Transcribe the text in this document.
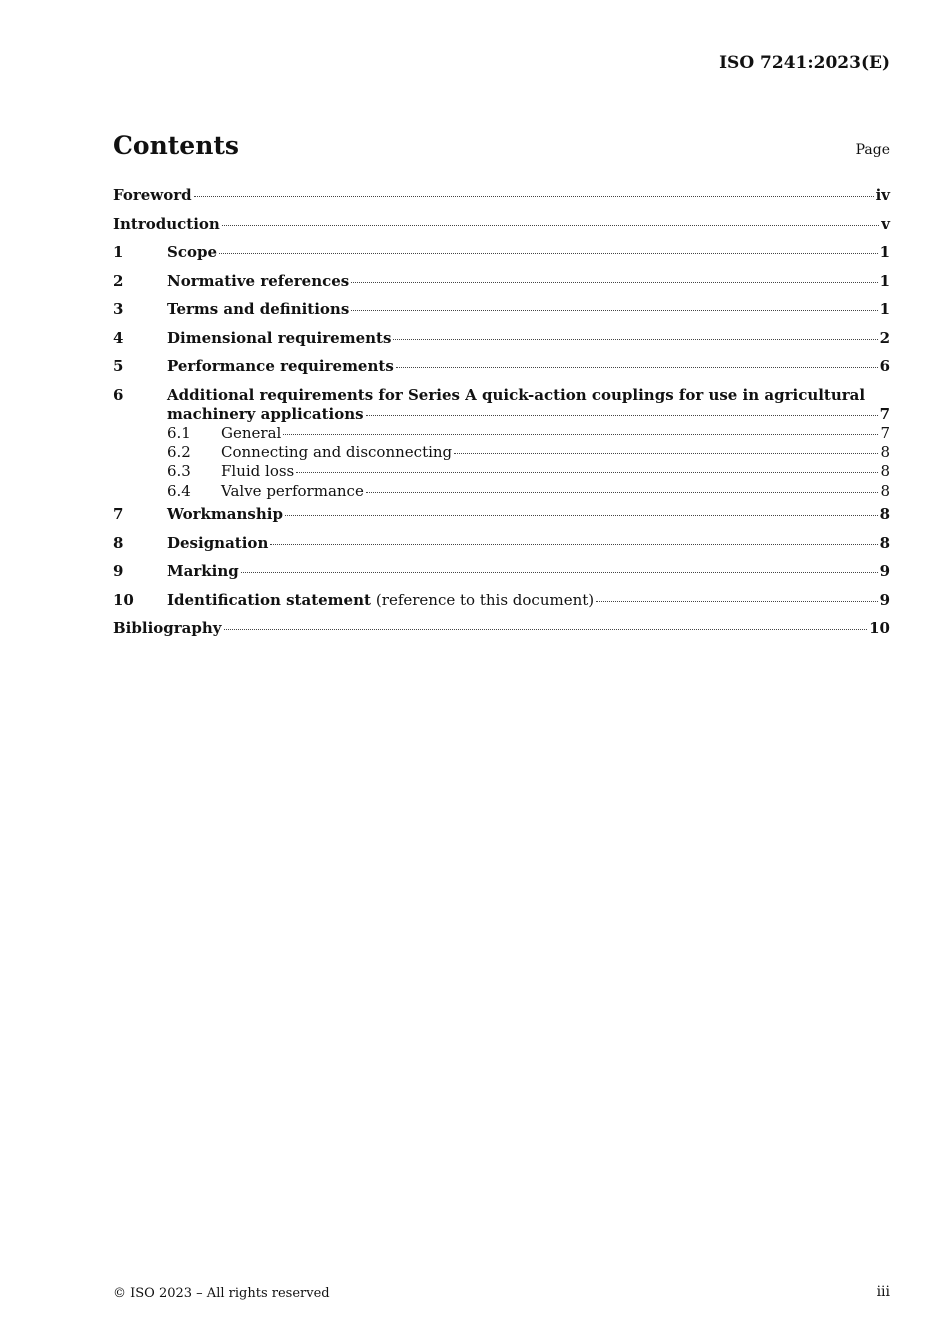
ISO 7241:2023(E)
Contents	Page
Foreword	iv
Introduction	v
1	Scope	1
2	Normative references	1
3	Terms and definitions	1
4	Dimensional requirements	2
5	Performance requirements	6
6	Additional requirements for Series A quick-action couplings for use in agricultural
machinery applications	7
6.1	General	7
6.2	Connecting and disconnecting	8
6.3	Fluid loss	8
6.4	Valve performance	8
7	Workmanship	8
8	Designation	8
9	Marking	9
10	Identification statement (reference to this document)	9
Bibliography	10
© ISO 2023 – All rights reserved	iii
